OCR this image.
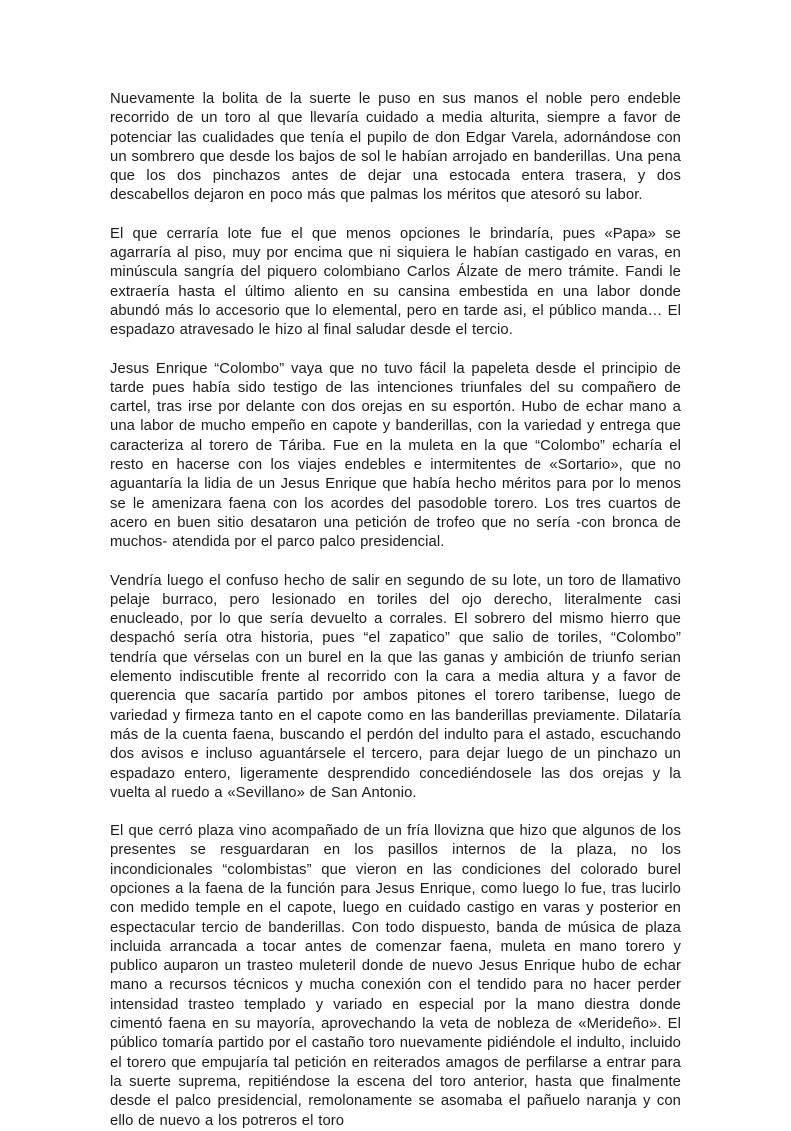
Nuevamente la bolita de la suerte le puso en sus manos el noble pero endeble recorrido de un toro al que llevaría cuidado a media alturita, siempre a favor de potenciar las cualidades que tenía el pupilo de don Edgar Varela, adornándose con un sombrero que desde los bajos de sol le habían arrojado en banderillas. Una pena que los dos pinchazos antes de dejar una estocada entera trasera, y dos descabellos dejaron en poco más que palmas los méritos que atesoró su labor.

El que cerraría lote fue el que menos opciones le brindaría, pues «Papa» se agarraría al piso, muy por encima que ni siquiera le habían castigado en varas, en minúscula sangría del piquero colombiano Carlos Álzate de mero trámite. Fandi le extraería hasta el último aliento en su cansina embestida en una labor donde abundó más lo accesorio que lo elemental, pero en tarde asi, el público manda… El espadazo atravesado le hizo al final saludar desde el tercio.

Jesus Enrique “Colombo” vaya que no tuvo fácil la papeleta desde el principio de tarde pues había sido testigo de las intenciones triunfales del su compañero de cartel, tras irse por delante con dos orejas en su esportón. Hubo de echar mano a una labor de mucho empeño en capote y banderillas, con la variedad y entrega que caracteriza al torero de Táriba. Fue en la muleta en la que “Colombo” echaría el resto en hacerse con los viajes endebles e intermitentes de «Sortario», que no aguantaría la lidia de un Jesus Enrique que había hecho méritos para por lo menos se le amenizara faena con los acordes del pasodoble torero. Los tres cuartos de acero en buen sitio desataron una petición de trofeo que no sería -con bronca de muchos- atendida por el parco palco presidencial.

Vendría luego el confuso hecho de salir en segundo de su lote, un toro de llamativo pelaje burraco, pero lesionado en toriles del ojo derecho, literalmente casi enucleado, por lo que sería devuelto a corrales. El sobrero del mismo hierro que despachó sería otra historia, pues “el zapatico” que salio de toriles, “Colombo” tendría que vérselas con un burel en la que las ganas y ambición de triunfo serian elemento indiscutible frente al recorrido con la cara a media altura y a favor de querencia que sacaría partido por ambos pitones el torero taribense, luego de variedad y firmeza tanto en el capote como en las banderillas previamente. Dilataría más de la cuenta faena, buscando el perdón del indulto para el astado, escuchando dos avisos e incluso aguantársele el tercero, para dejar luego de un pinchazo un espadazo entero, ligeramente desprendido concediéndosele las dos orejas y la vuelta al ruedo a «Sevillano» de San Antonio.

El que cerró plaza vino acompañado de un fría llovizna que hizo que algunos de los presentes se resguardaran en los pasillos internos de la plaza, no los incondicionales “colombistas” que vieron en las condiciones del colorado burel opciones a la faena de la función para Jesus Enrique, como luego lo fue, tras lucirlo con medido temple en el capote, luego en cuidado castigo en varas y posterior en espectacular tercio de banderillas. Con todo dispuesto, banda de música de plaza incluida arrancada a tocar antes de comenzar faena, muleta en mano torero y publico auparon un trasteo muleteril donde de nuevo Jesus Enrique hubo de echar mano a recursos técnicos y mucha conexión con el tendido para no hacer perder intensidad trasteo templado y variado en especial por la mano diestra donde cimentó faena en su mayoría, aprovechando la veta de nobleza de «Merideño». El público tomaría partido por el castaño toro nuevamente pidiéndole el indulto, incluido el torero que empujaría tal petición en reiterados amagos de perfilarse a entrar para la suerte suprema, repitiéndose la escena del toro anterior, hasta que finalmente desde el palco presidencial, remolonamente se asomaba el pañuelo naranja y con ello de nuevo a los potreros el toro
